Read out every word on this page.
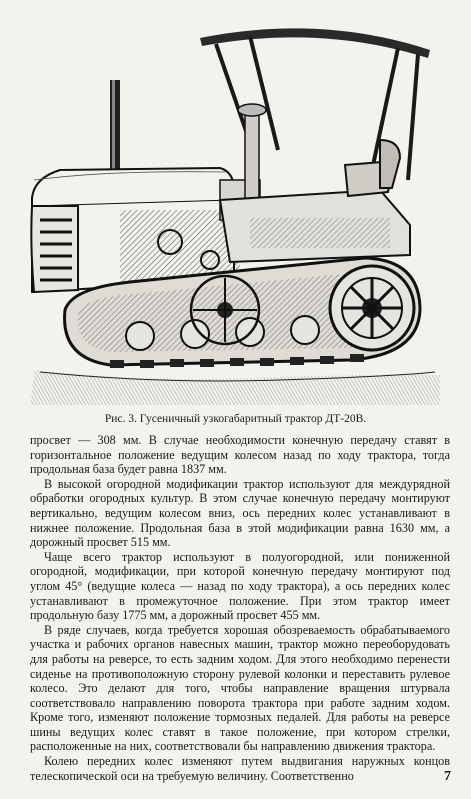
Рис. 3. Гусеничный узкогабаритный трактор ДТ-20В.

просвет — 308 мм. В случае необходимости конечную передачу ставят в горизонтальное положение ведущим колесом назад по ходу трактора, тогда продольная база будет равна 1837 мм.

В высокой огородной модификации трактор используют для междурядной обработки огородных культур. В этом случае конечную передачу монтируют вертикально, ведущим колесом вниз, ось передних колес устанавливают в нижнее положение. Продольная база в этой модификации равна 1630 мм, а дорожный просвет 515 мм.

Чаще всего трактор используют в полуогородной, или пониженной огородной, модификации, при которой конечную передачу монтируют под углом 45° (ведущие колеса — назад по ходу трактора), а ось передних колес устанавливают в промежуточное положение. При этом трактор имеет продольную базу 1775 мм, а дорожный просвет 455 мм.

В ряде случаев, когда требуется хорошая обозреваемость обрабатываемого участка и рабочих органов навесных машин, трактор можно переоборудовать для работы на реверсе, то есть задним ходом. Для этого необходимо перенести сиденье на противоположную сторону рулевой колонки и переставить рулевое колесо. Это делают для того, чтобы направление вращения штурвала соответствовало направлению поворота трактора при работе задним ходом. Кроме того, изменяют положение тормозных педалей. Для работы на реверсе шины ведущих колес ставят в такое положение, при котором стрелки, расположенные на них, соответствовали бы направлению движения трактора.

Колею передних колес изменяют путем выдвигания наружных концов телескопической оси на требуемую величину. Соответственно	7
